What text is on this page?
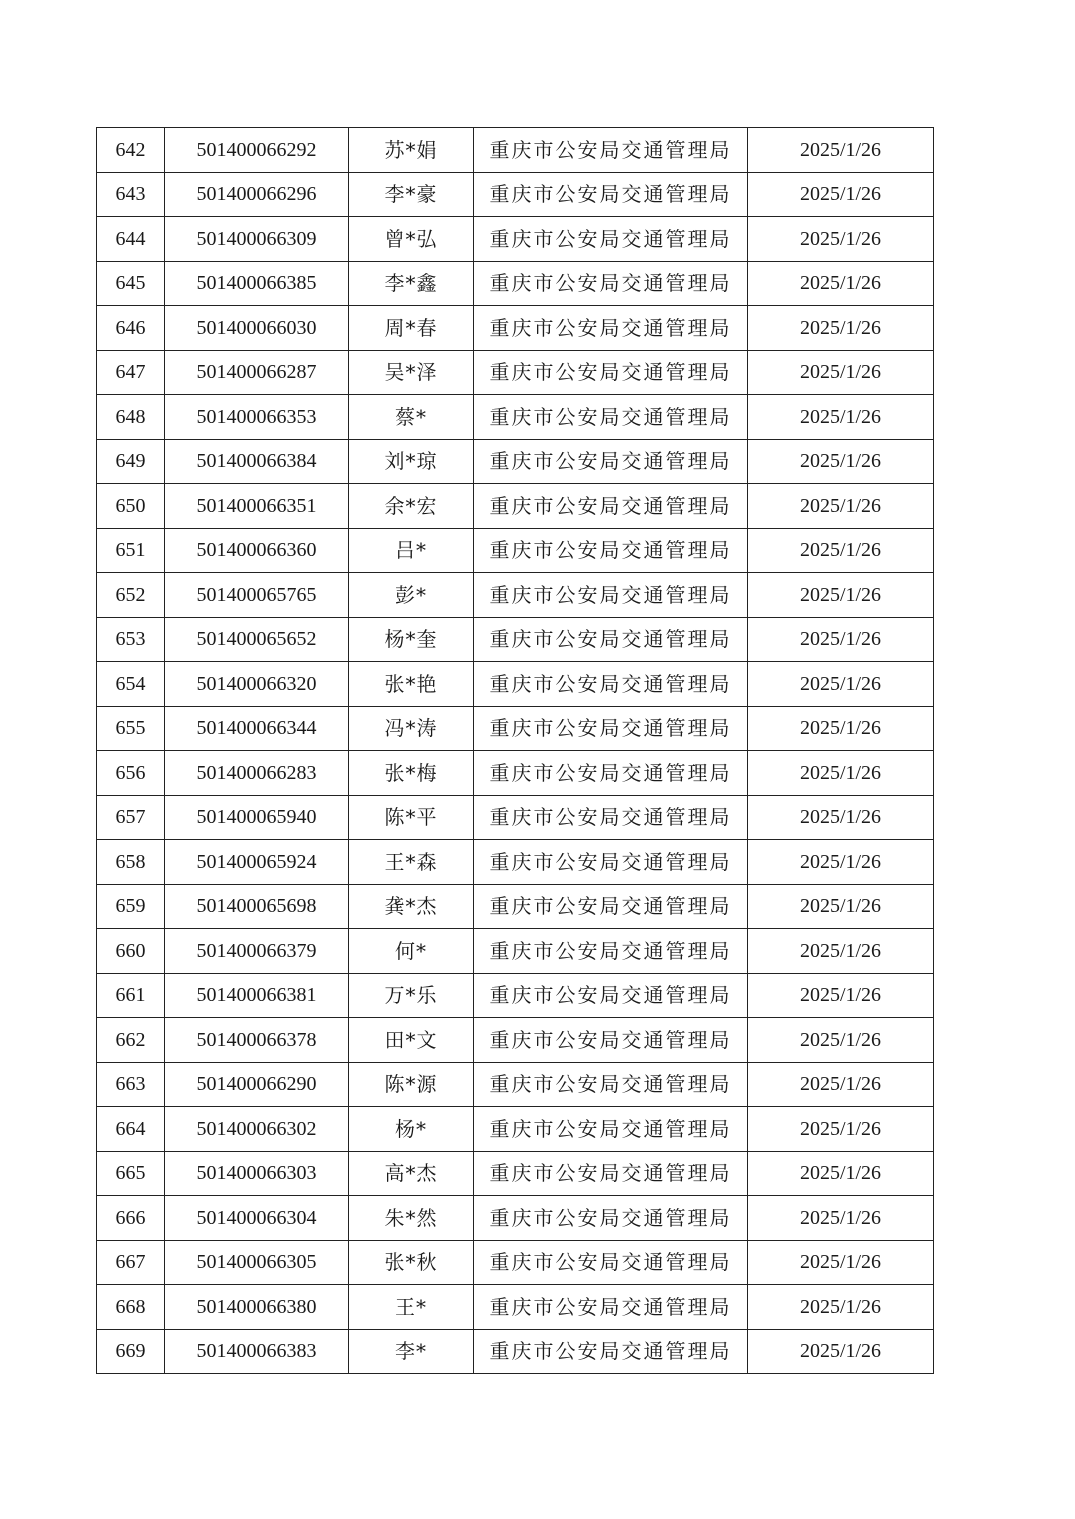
642	501400066292	苏*娟	重庆市公安局交通管理局	2025/1/26
643	501400066296	李*豪	重庆市公安局交通管理局	2025/1/26
644	501400066309	曾*弘	重庆市公安局交通管理局	2025/1/26
645	501400066385	李*鑫	重庆市公安局交通管理局	2025/1/26
646	501400066030	周*春	重庆市公安局交通管理局	2025/1/26
647	501400066287	吴*泽	重庆市公安局交通管理局	2025/1/26
648	501400066353	蔡*	重庆市公安局交通管理局	2025/1/26
649	501400066384	刘*琼	重庆市公安局交通管理局	2025/1/26
650	501400066351	余*宏	重庆市公安局交通管理局	2025/1/26
651	501400066360	吕*	重庆市公安局交通管理局	2025/1/26
652	501400065765	彭*	重庆市公安局交通管理局	2025/1/26
653	501400065652	杨*奎	重庆市公安局交通管理局	2025/1/26
654	501400066320	张*艳	重庆市公安局交通管理局	2025/1/26
655	501400066344	冯*涛	重庆市公安局交通管理局	2025/1/26
656	501400066283	张*梅	重庆市公安局交通管理局	2025/1/26
657	501400065940	陈*平	重庆市公安局交通管理局	2025/1/26
658	501400065924	王*森	重庆市公安局交通管理局	2025/1/26
659	501400065698	龚*杰	重庆市公安局交通管理局	2025/1/26
660	501400066379	何*	重庆市公安局交通管理局	2025/1/26
661	501400066381	万*乐	重庆市公安局交通管理局	2025/1/26
662	501400066378	田*文	重庆市公安局交通管理局	2025/1/26
663	501400066290	陈*源	重庆市公安局交通管理局	2025/1/26
664	501400066302	杨*	重庆市公安局交通管理局	2025/1/26
665	501400066303	高*杰	重庆市公安局交通管理局	2025/1/26
666	501400066304	朱*然	重庆市公安局交通管理局	2025/1/26
667	501400066305	张*秋	重庆市公安局交通管理局	2025/1/26
668	501400066380	王*	重庆市公安局交通管理局	2025/1/26
669	501400066383	李*	重庆市公安局交通管理局	2025/1/26
